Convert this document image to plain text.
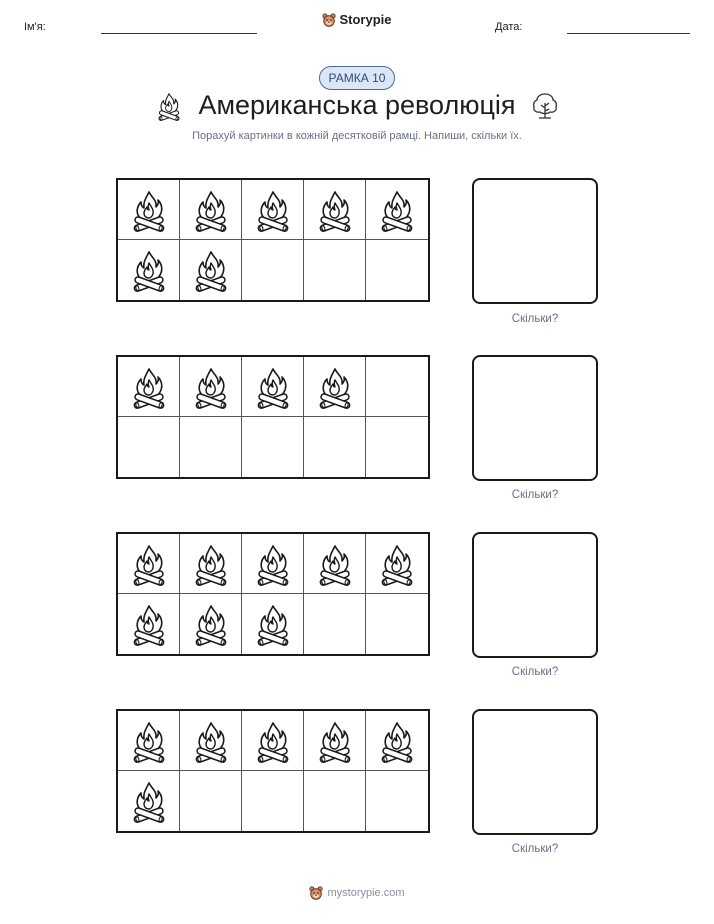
Ім'я:	Storypie	Дата:
РАМКА 10
Американська революція
Порахуй картинки в кожній десятковій рамці. Напиши, скільки їх.
Скільки?
Скільки?
Скільки?
Скільки?
mystorypie.com
